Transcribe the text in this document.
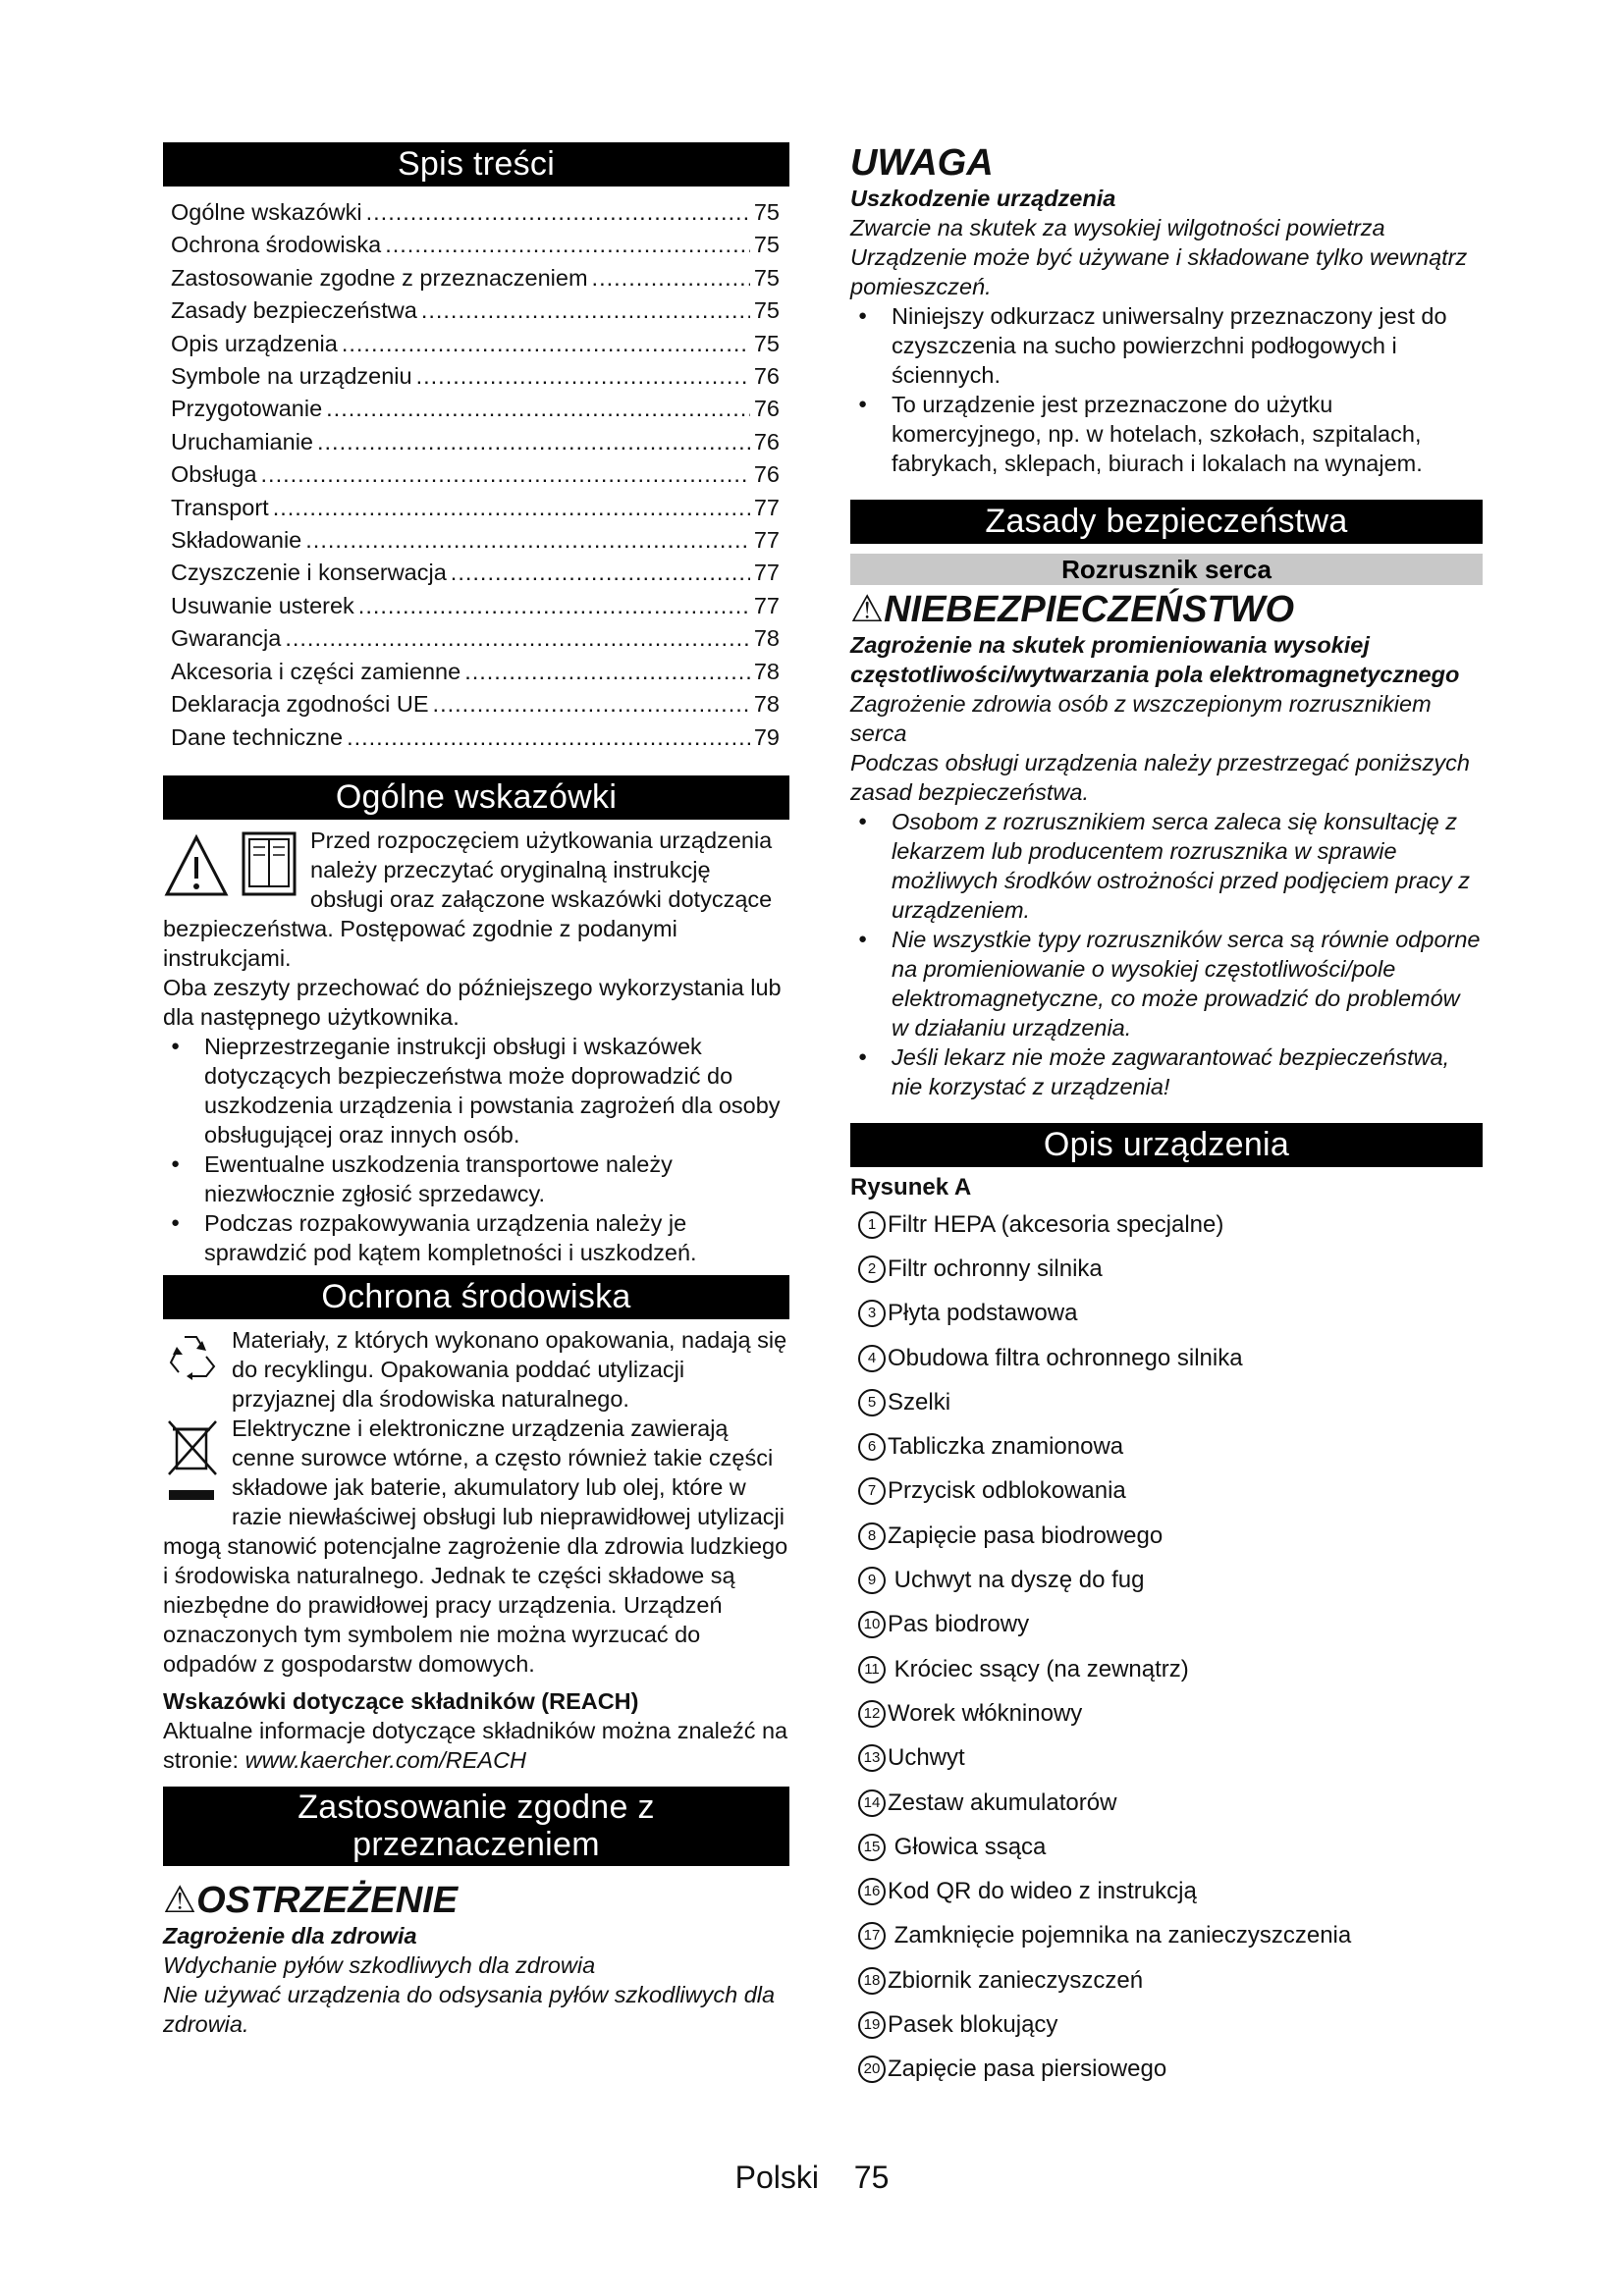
Spis treści
Ogólne wskazówki .....	75
Ochrona środowiska .....	75
Zastosowanie zgodne z przeznaczeniem .....	75
Zasady bezpieczeństwa .....	75
Opis urządzenia .....	75
Symbole na urządzeniu .....	76
Przygotowanie .....	76
Uruchamianie .....	76
Obsługa .....	76
Transport .....	77
Składowanie .....	77
Czyszczenie i konserwacja .....	77
Usuwanie usterek .....	77
Gwarancja .....	78
Akcesoria i części zamienne .....	78
Deklaracja zgodności UE .....	78
Dane techniczne .....	79
Ogólne wskazówki

Przed rozpoczęciem użytkowania urządzenia należy przeczytać oryginalną instrukcję obsługi oraz załączone wskazówki dotyczące bezpieczeństwa. Postępować zgodnie z podanymi instrukcjami.

Oba zeszyty przechować do późniejszego wykorzystania lub dla następnego użytkownika.

● Nieprzestrzeganie instrukcji obsługi i wskazówek dotyczących bezpieczeństwa może doprowadzić do uszkodzenia urządzenia i powstania zagrożeń dla osoby obsługującej oraz innych osób.
● Ewentualne uszkodzenia transportowe należy niezwłocznie zgłosić sprzedawcy.
● Podczas rozpakowywania urządzenia należy je sprawdzić pod kątem kompletności i uszkodzeń.
Ochrona środowiska

Materiały, z których wykonano opakowania, nadają się do recyklingu. Opakowania poddać utylizacji przyjaznej dla środowiska naturalnego.

Elektryczne i elektroniczne urządzenia zawierają cenne surowce wtórne, a często również takie części składowe jak baterie, akumulatory lub olej, które w razie niewłaściwej obsługi lub nieprawidłowej utylizacji mogą stanowić potencjalne zagrożenie dla zdrowia ludzkiego i środowiska naturalnego. Jednak te części składowe są niezbędne do prawidłowej pracy urządzenia. Urządzeń oznaczonych tym symbolem nie można wyrzucać do odpadów z gospodarstw domowych.

Wskazówki dotyczące składników (REACH)

Aktualne informacje dotyczące składników można znaleźć na stronie: www.kaercher.com/REACH

Zastosowanie zgodne z przeznaczeniem
⚠OSTRZEŻENIE

Zagrożenie dla zdrowia

Wdychanie pyłów szkodliwych dla zdrowia

Nie używać urządzenia do odsysania pyłów szkodliwych dla zdrowia.

UWAGA

Uszkodzenie urządzenia

Zwarcie na skutek za wysokiej wilgotności powietrza

Urządzenie może być używane i składowane tylko wewnątrz pomieszczeń.

● Niniejszy odkurzacz uniwersalny przeznaczony jest do czyszczenia na sucho powierzchni podłogowych i ściennych.
● To urządzenie jest przeznaczone do użytku komercyjnego, np. w hotelach, szkołach, szpitalach, fabrykach, sklepach, biurach i lokalach na wynajem.
Zasady bezpieczeństwa
Rozrusznik serca
⚠NIEBEZPIECZEŃSTWO

Zagrożenie na skutek promieniowania wysokiej częstotliwości/wytwarzania pola elektromagnetycznego

Zagrożenie zdrowia osób z wszczepionym rozrusznikiem serca

Podczas obsługi urządzenia należy przestrzegać poniższych zasad bezpieczeństwa.

● Osobom z rozrusznikiem serca zaleca się konsultację z lekarzem lub producentem rozrusznika w sprawie możliwych środków ostrożności przed podjęciem pracy z urządzeniem.
● Nie wszystkie typy rozruszników serca są równie odporne na promieniowanie o wysokiej częstotliwości/pole elektromagnetyczne, co może prowadzić do problemów w działaniu urządzenia.
● Jeśli lekarz nie może zagwarantować bezpieczeństwa, nie korzystać z urządzenia!
Opis urządzenia

Rysunek A

1 Filtr HEPA (akcesoria specjalne)
2 Filtr ochronny silnika
3 Płyta podstawowa
4 Obudowa filtra ochronnego silnika
5 Szelki
6 Tabliczka znamionowa
7 Przycisk odblokowania
8 Zapięcie pasa biodrowego
9 Uchwyt na dyszę do fug
10 Pas biodrowy
11 Króciec ssący (na zewnątrz)
12 Worek włókninowy
13 Uchwyt
14 Zestaw akumulatorów
15 Głowica ssąca
16 Kod QR do wideo z instrukcją
17 Zamknięcie pojemnika na zanieczyszczenia
18 Zbiornik zanieczyszczeń
19 Pasek blokujący
20 Zapięcie pasa piersiowego
Polski 75
